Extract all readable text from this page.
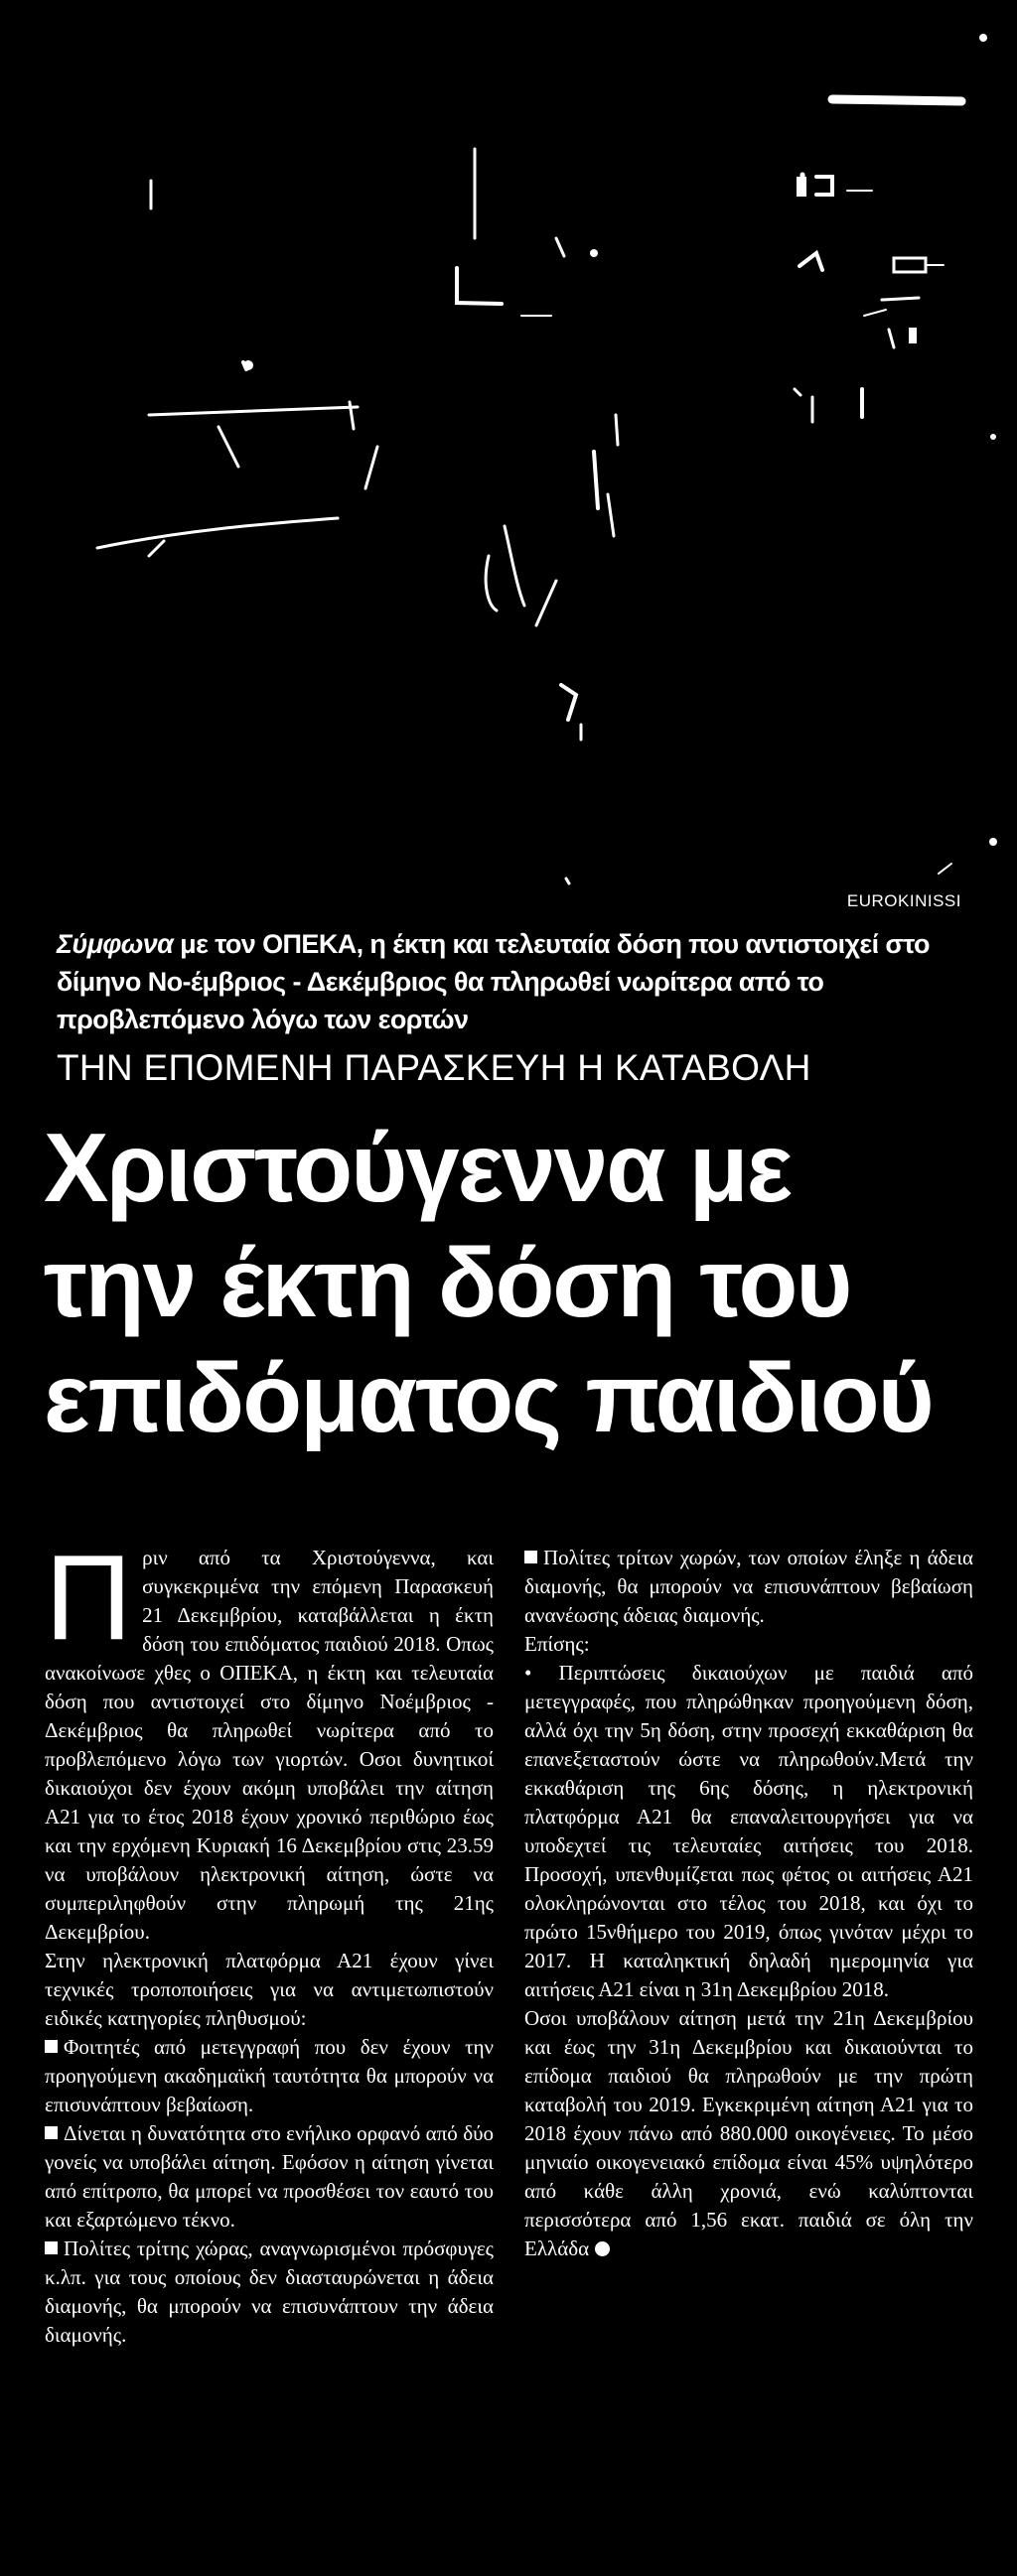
EUROKINISSI
Σύμφωνα με τον ΟΠΕΚΑ, η έκτη και τελευταία δόση που αντιστοιχεί στο δίμηνο Νο-έμβριος - Δεκέμβριος θα πληρωθεί νωρίτερα από το προβλεπόμενο λόγω των εορτών
ΤΗΝ ΕΠΟΜΕΝΗ ΠΑΡΑΣΚΕΥΗ Η ΚΑΤΑΒΟΛΗ
Χριστούγεννα με
την έκτη δόση του
επιδόματος παιδιού

Πριν από τα Χριστούγεννα, και συγκεκριμένα την επόμενη Παρασκευή 21 Δεκεμβρίου, καταβάλλεται η έκτη δόση του επιδόματος παιδιού 2018. Οπως ανακοίνωσε χθες ο ΟΠΕΚΑ, η έκτη και τελευταία δόση που αντιστοιχεί στο δίμηνο Νοέμβριος - Δεκέμβριος θα πληρωθεί νωρίτερα από το προβλεπόμενο λόγω των γιορτών. Οσοι δυνητικοί δικαιούχοι δεν έχουν ακόμη υποβάλει την αίτηση Α21 για το έτος 2018 έχουν χρονικό περιθώριο έως και την ερχόμενη Κυριακή 16 Δεκεμβρίου στις 23.59 να υποβάλουν ηλεκτρονική αίτηση, ώστε να συμπεριληφθούν στην πληρωμή της 21ης Δεκεμβρίου.

Στην ηλεκτρονική πλατφόρμα Α21 έχουν γίνει τεχνικές τροποποιήσεις για να αντιμετωπιστούν ειδικές κατηγορίες πληθυσμού:

Φοιτητές από μετεγγραφή που δεν έχουν την προηγούμενη ακαδημαϊκή ταυτότητα θα μπορούν να επισυνάπτουν βεβαίωση.

Δίνεται η δυνατότητα στο ενήλικο ορφανό από δύο γονείς να υποβάλει αίτηση. Εφόσον η αίτηση γίνεται από επίτροπο, θα μπορεί να προσθέσει τον εαυτό του και εξαρτώμενο τέκνο.

Πολίτες τρίτης χώρας, αναγνωρισμένοι πρόσφυγες κ.λπ. για τους οποίους δεν διασταυρώνεται η άδεια διαμονής, θα μπορούν να επισυνάπτουν την άδεια διαμονής.

Πολίτες τρίτων χωρών, των οποίων έληξε η άδεια διαμονής, θα μπορούν να επισυνάπτουν βεβαίωση ανανέωσης άδειας διαμονής.

Επίσης:

• Περιπτώσεις δικαιούχων με παιδιά από μετεγγραφές, που πληρώθηκαν προηγούμενη δόση, αλλά όχι την 5η δόση, στην προσεχή εκκαθάριση θα επανεξεταστούν ώστε να πληρωθούν.Μετά την εκκαθάριση της 6ης δόσης, η ηλεκτρονική πλατφόρμα Α21 θα επαναλειτουργήσει για να υποδεχτεί τις τελευταίες αιτήσεις του 2018. Προσοχή, υπενθυμίζεται πως φέτος οι αιτήσεις Α21 ολοκληρώνονται στο τέλος του 2018, και όχι το πρώτο 15νθήμερο του 2019, όπως γινόταν μέχρι το 2017. Η καταληκτική δηλαδή ημερομηνία για αιτήσεις Α21 είναι η 31η Δεκεμβρίου 2018.

Οσοι υποβάλουν αίτηση μετά την 21η Δεκεμβρίου και έως την 31η Δεκεμβρίου και δικαιούνται το επίδομα παιδιού θα πληρωθούν με την πρώτη καταβολή του 2019. Εγκεκριμένη αίτηση Α21 για το 2018 έχουν πάνω από 880.000 οικογένειες. Το μέσο μηνιαίο οικογενειακό επίδομα είναι 45% υψηλότερο από κάθε άλλη χρονιά, ενώ καλύπτονται περισσότερα από 1,56 εκατ. παιδιά σε όλη την Ελλάδα
